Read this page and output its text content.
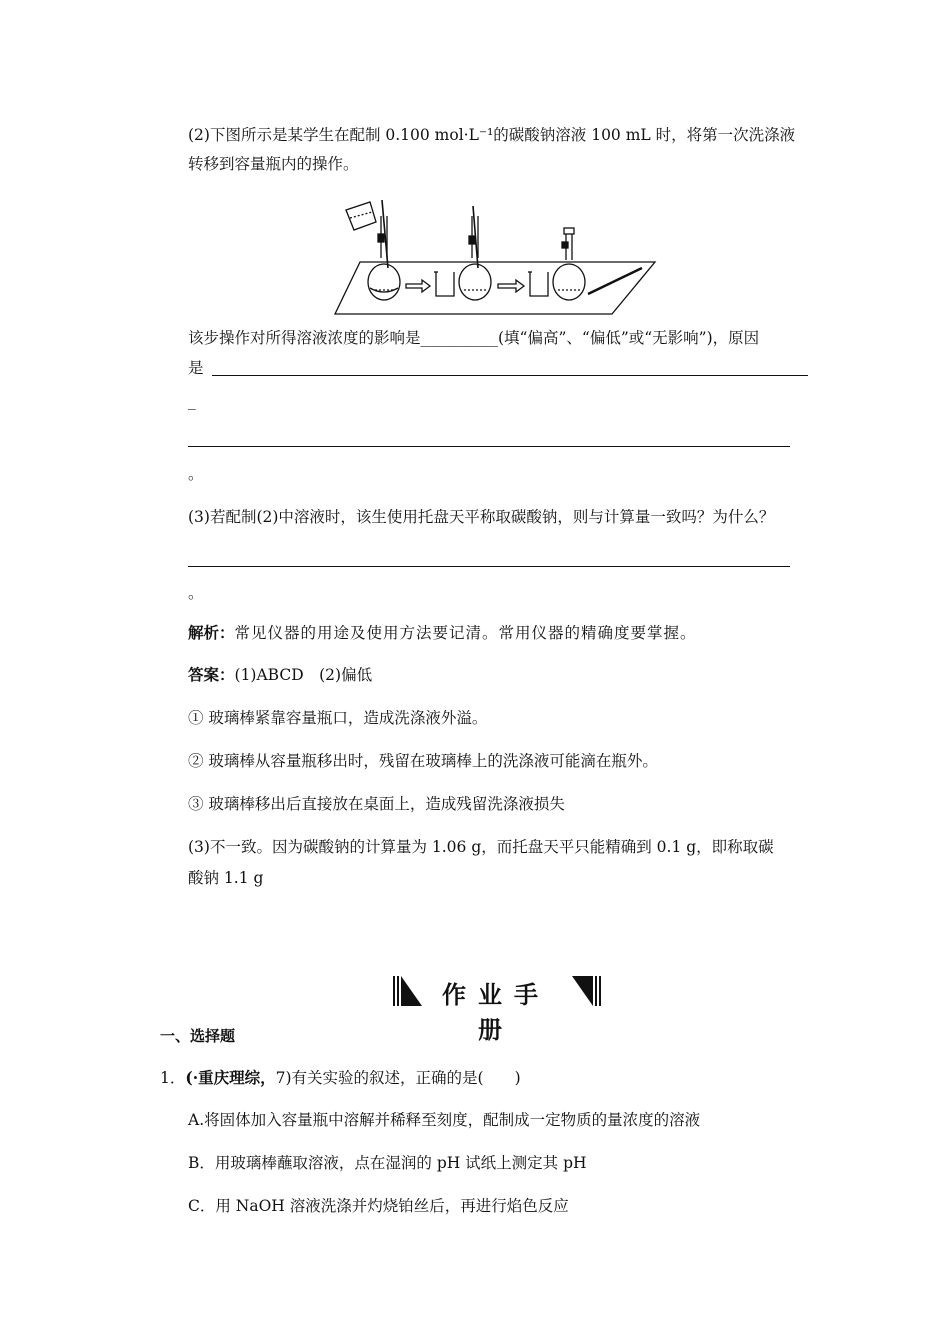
(2)下图所示是某学生在配制 0.100 mol·L⁻¹的碳酸钠溶液 100 mL 时，将第一次洗涤液
转移到容量瓶内的操作。
该步操作对所得溶液浓度的影响是__________(填“偏高”、“偏低”或“无影响”)，原因
是
_
。
(3)若配制(2)中溶液时，该生使用托盘天平称取碳酸钠，则与计算量一致吗？为什么？
。
解析：常见仪器的用途及使用方法要记清。常用仪器的精确度要掌握。
答案：(1)ABCD　(2)偏低
① 玻璃棒紧靠容量瓶口，造成洗涤液外溢。
② 玻璃棒从容量瓶移出时，残留在玻璃棒上的洗涤液可能滴在瓶外。
③ 玻璃棒移出后直接放在桌面上，造成残留洗涤液损失
(3)不一致。因为碳酸钠的计算量为 1.06 g，而托盘天平只能精确到 0.1 g，即称取碳
酸钠 1.1 g
作业手册
一、选择题
1．(·重庆理综，7)有关实验的叙述，正确的是(　　)
A.将固体加入容量瓶中溶解并稀释至刻度，配制成一定物质的量浓度的溶液
B．用玻璃棒蘸取溶液，点在湿润的 pH 试纸上测定其 pH
C．用 NaOH 溶液洗涤并灼烧铂丝后，再进行焰色反应
